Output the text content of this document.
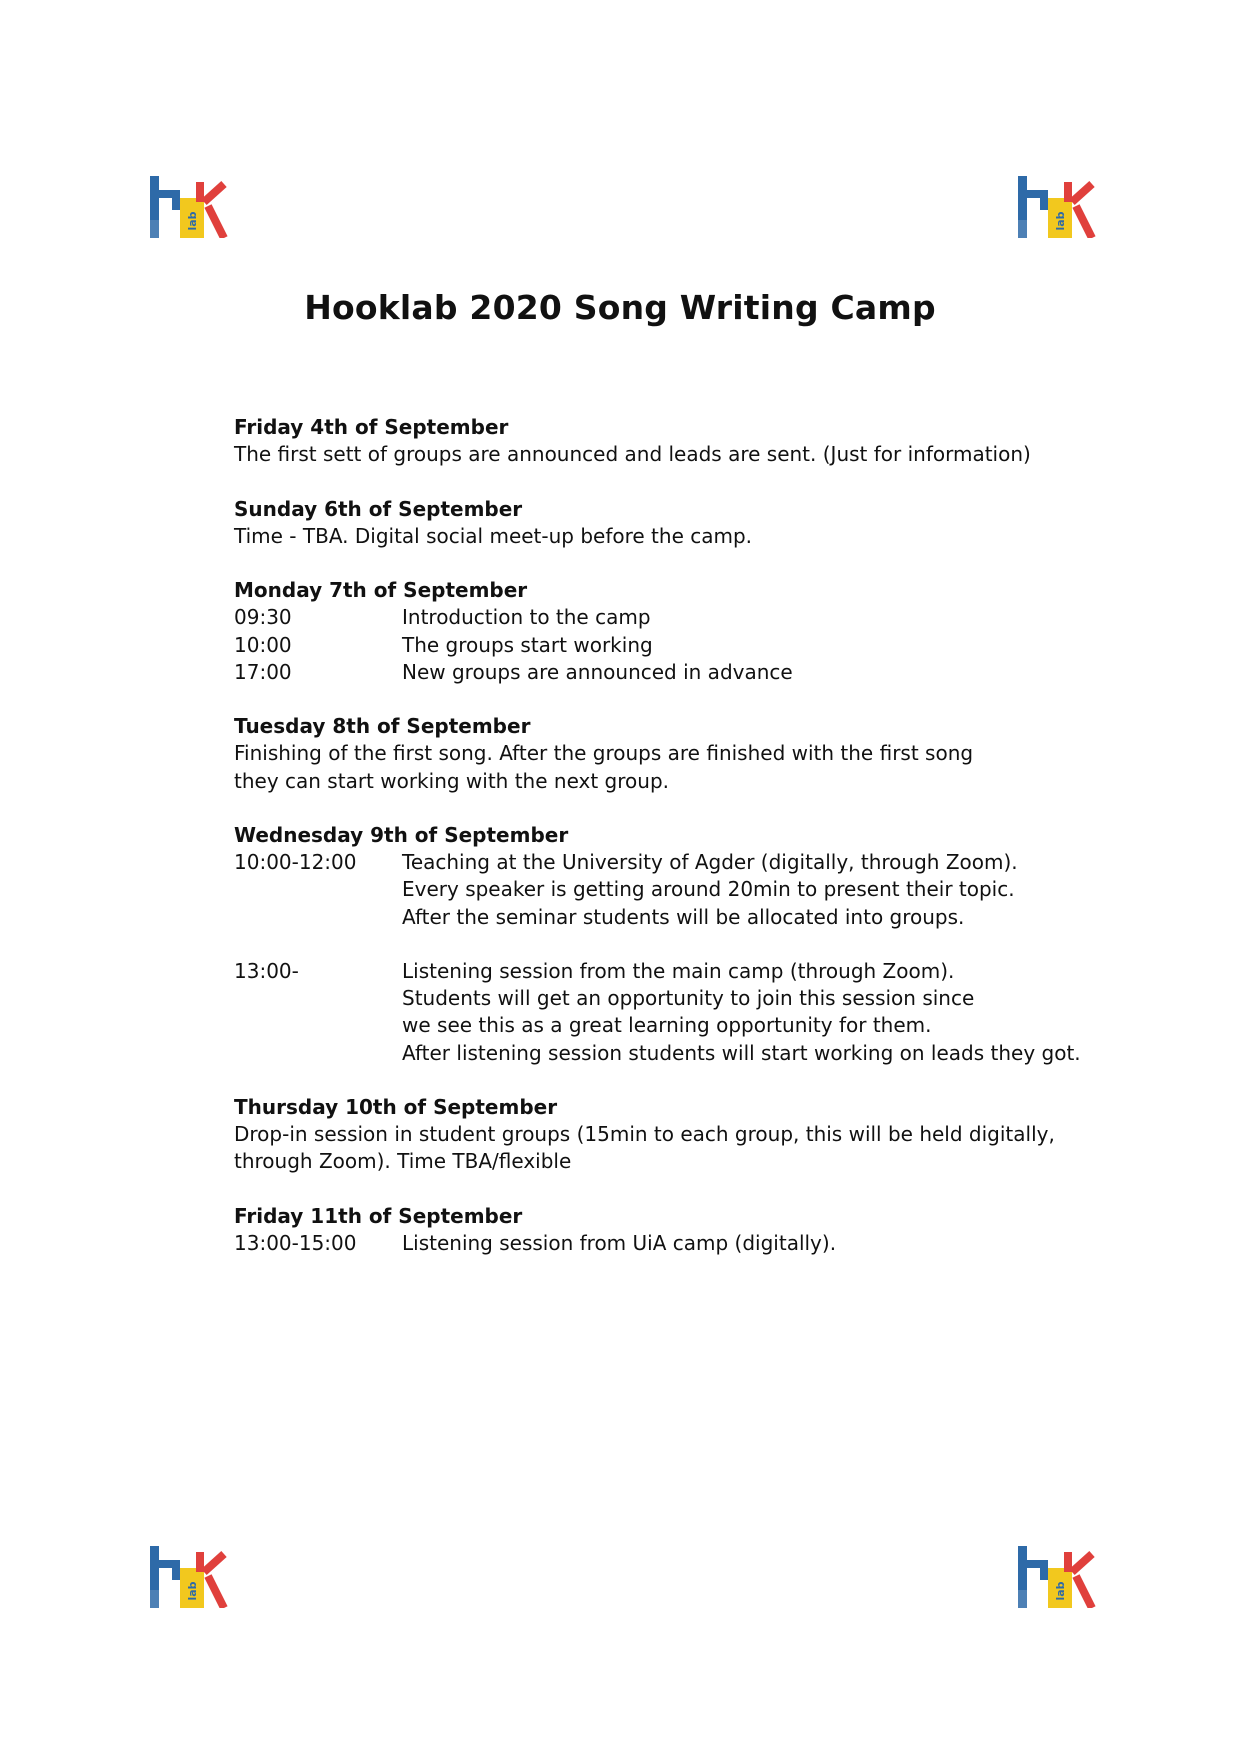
lab	lab
Hooklab 2020 Song Writing Camp
Friday 4th of September
The first sett of groups are announced and leads are sent. (Just for information)
Sunday 6th of September
Time - TBA. Digital social meet-up before the camp.
Monday 7th of September
09:30	Introduction to the camp
10:00	The groups start working
17:00	New groups are announced in advance
Tuesday 8th of September
Finishing of the first song. After the groups are finished with the first song
they can start working with the next group.
Wednesday 9th of September
10:00-12:00	Teaching at the University of Agder (digitally, through Zoom).
Every speaker is getting around 20min to present their topic.
After the seminar students will be allocated into groups.
13:00-	Listening session from the main camp (through Zoom).
Students will get an opportunity to join this session since
we see this as a great learning opportunity for them.
After listening session students will start working on leads they got.
Thursday 10th of September
Drop-in session in student groups (15min to each group, this will be held digitally,
through Zoom). Time TBA/flexible
Friday 11th of September
13:00-15:00	Listening session from UiA camp (digitally).
lab	lab
